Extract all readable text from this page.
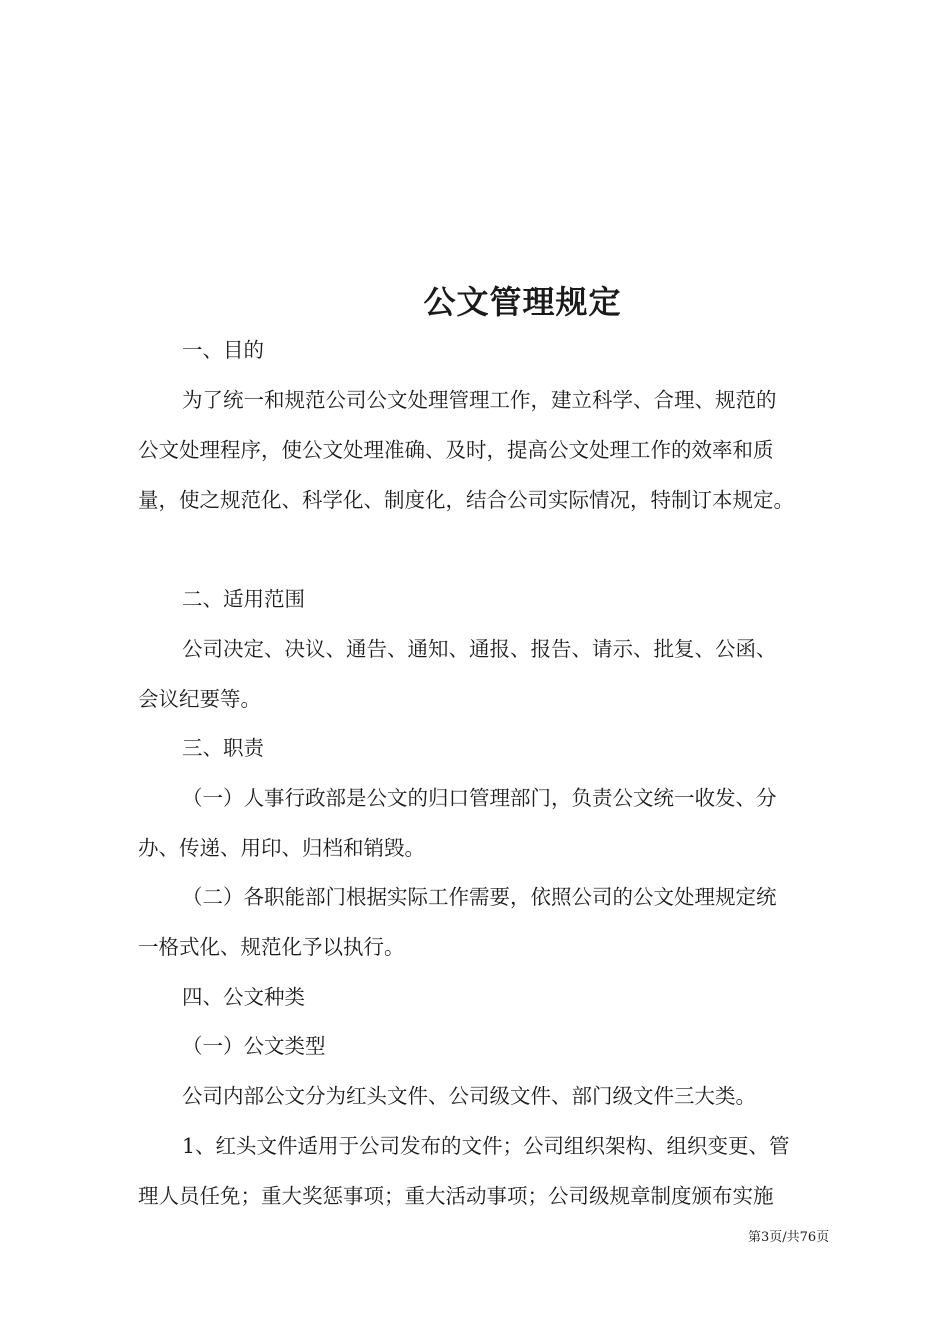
公文管理规定
一、目的
为了统一和规范公司公文处理管理工作，建立科学、合理、规范的
公文处理程序，使公文处理准确、及时，提高公文处理工作的效率和质
量，使之规范化、科学化、制度化，结合公司实际情况，特制订本规定。
二、适用范围
公司决定、决议、通告、通知、通报、报告、请示、批复、公函、
会议纪要等。
三、职责
（一）人事行政部是公文的归口管理部门，负责公文统一收发、分
办、传递、用印、归档和销毁。
（二）各职能部门根据实际工作需要，依照公司的公文处理规定统
一格式化、规范化予以执行。
四、公文种类
（一）公文类型
公司内部公文分为红头文件、公司级文件、部门级文件三大类。
1、红头文件适用于公司发布的文件；公司组织架构、组织变更、管
理人员任免；重大奖惩事项；重大活动事项；公司级规章制度颁布实施
第3页/共76页
